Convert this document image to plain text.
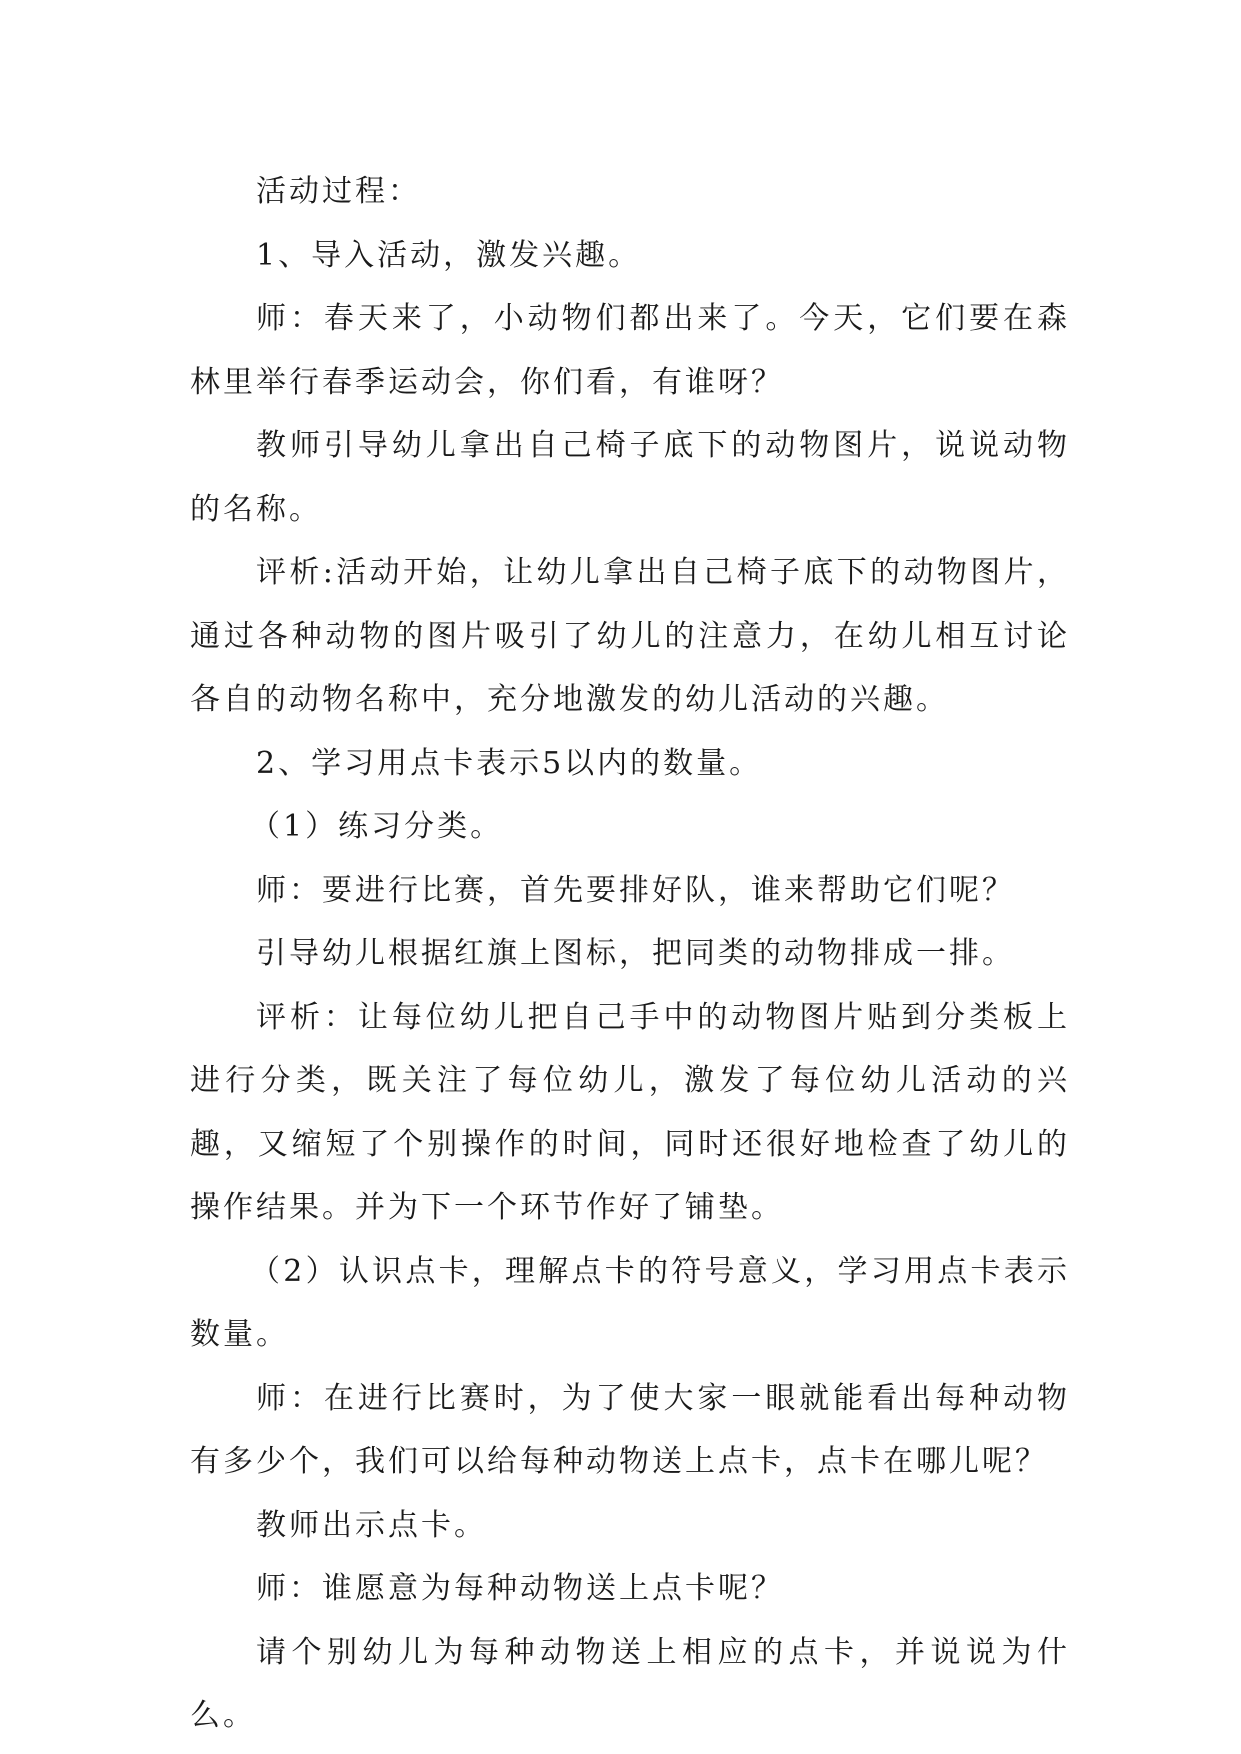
活动过程：

1、导入活动，激发兴趣。

师：春天来了，小动物们都出来了。今天，它们要在森林里举行春季运动会，你们看，有谁呀？

教师引导幼儿拿出自己椅子底下的动物图片，说说动物的名称。

评析:活动开始，让幼儿拿出自己椅子底下的动物图片，通过各种动物的图片吸引了幼儿的注意力，在幼儿相互讨论各自的动物名称中，充分地激发的幼儿活动的兴趣。

2、学习用点卡表示5以内的数量。

（1）练习分类。

师：要进行比赛，首先要排好队，谁来帮助它们呢？

引导幼儿根据红旗上图标，把同类的动物排成一排。

评析：让每位幼儿把自己手中的动物图片贴到分类板上进行分类，既关注了每位幼儿，激发了每位幼儿活动的兴趣，又缩短了个别操作的时间，同时还很好地检查了幼儿的操作结果。并为下一个环节作好了铺垫。

（2）认识点卡，理解点卡的符号意义，学习用点卡表示数量。

师：在进行比赛时，为了使大家一眼就能看出每种动物有多少个，我们可以给每种动物送上点卡，点卡在哪儿呢？

教师出示点卡。

师：谁愿意为每种动物送上点卡呢？

请个别幼儿为每种动物送上相应的点卡，并说说为什么。
